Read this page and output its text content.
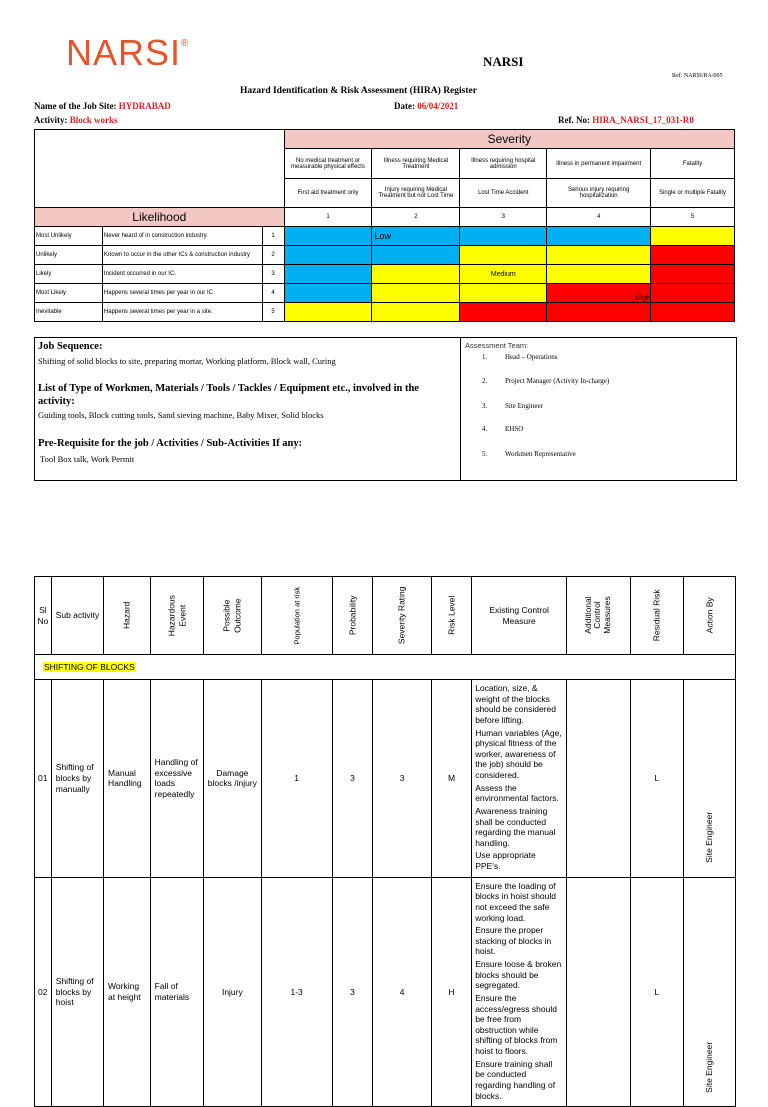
NARSI®
NARSI
Ref: NARSI/RA/005
Hazard Identification & Risk Assessment (HIRA) Register
Name of the Job Site: HYDRABAD	Date: 06/04/2021
Activity: Block works	Ref. No: HIRA_NARSI_17_031-R0
			Severity				
			No medical treatment or measurable physical effects	Illness requiring Medical Treatment	Illness requiring hospital admission	Illness in permanent impairment	Fatality
			First aid treatment only	Injury requiring Medical Treatment but not Lost Time	Lost Time Accident	Serious injury requiring hospitalization	Single or multiple Fatality
Likelihood			1	2	3	4	5
Most Unlikely	Never heard of in construction industry.	1		Low			
Unlikely	Known to occur in the other ICs & construction industry	2					
Likely	Incident occurred in our IC.	3			Medium		
Most Likely	Happens several times per year in our IC	4				High	
Inevitable	Happens several times per year in a site.	5					
Job Sequence:
Shifting of solid blocks to site, preparing mortar, Working platform, Block wall, Curing
List of Type of Workmen, Materials / Tools / Tackles / Equipment etc., involved in the activity:
Guiding tools, Block cutting tools, Sand sieving machine, Baby Mixer, Solid blocks
Pre-Requisite for the job / Activities / Sub-Activities If any:
Tool Box talk, Work Permit
Assessment Team:
1.	Head – Operations
2.	Project Manager (Activity In-charge)
3.	Site Engineer
4.	EHSO
5.	Workmen Representative
Sl No	Sub activity	Hazard	Hazardous Event	Possible Outcome	Population at risk	Probability	Severity Rating	Risk Level	Existing Control Measure	Additional Control Measures	Residual Risk	Action By
SHIFTING OF BLOCKS												
01	Shifting of blocks by manually	Manual Handling	Handling of excessive loads repeatedly	Damage blocks /injury	1	3	3	M	Location, size, & weight of the blocks should be considered before lifting.

Human variables (Age, physical fitness of the worker, awareness of the job) should be considered.

Assess the environmental factors.

Awareness training shall be conducted regarding the manual handling.

Use appropriate PPE's.		L	Site Engineer
02	Shifting of blocks by hoist	Working at height	Fall of materials	Injury	1-3	3	4	H	Ensure the loading of blocks in hoist should not exceed the safe working load.

Ensure the proper stacking of blocks in hoist.

Ensure loose & broken blocks should be segregated.

Ensure the access/egress should be free from obstruction while shifting of blocks from hoist to floors.

Ensure training shall be conducted regarding handling of blocks.		L	Site Engineer
